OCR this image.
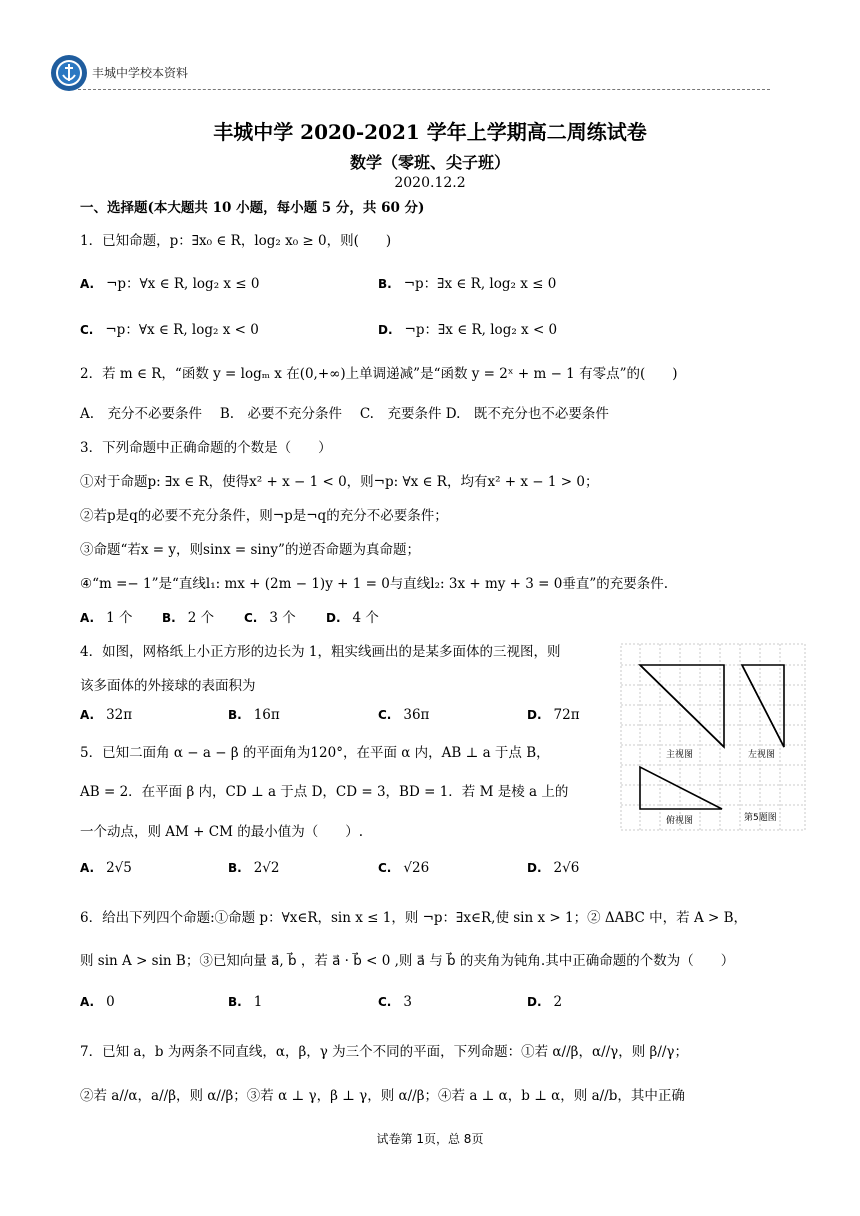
丰城中学校本资料
丰城中学 2020-2021 学年上学期高二周练试卷
数学（零班、尖子班）
2020.12.2
一、选择题(本大题共 10 小题，每小题 5 分，共 60 分)
1．已知命题，p：∃x₀ ∈ R，log₂ x₀ ≥ 0，则(　　)
A. ¬p：∀x ∈ R, log₂ x ≤ 0	B. ¬p：∃x ∈ R, log₂ x ≤ 0
C. ¬p：∀x ∈ R, log₂ x < 0	D. ¬p：∃x ∈ R, log₂ x < 0
2．若 m ∈ R，“函数 y = logₘ x 在(0,+∞)上单调递减”是“函数 y = 2ˣ + m − 1 有零点”的(　　)
A.　充分不必要条件　 B.　必要不充分条件　 C.　充要条件 D.　既不充分也不必要条件
3．下列命题中正确命题的个数是（　　）
①对于命题p: ∃x ∈ R，使得x² + x − 1 < 0，则¬p: ∀x ∈ R，均有x² + x − 1 > 0；
②若p是q的必要不充分条件，则¬p是¬q的充分不必要条件；
③命题“若x = y，则sinx = siny”的逆否命题为真命题；
④“m =− 1”是“直线l₁: mx + (2m − 1)y + 1 = 0与直线l₂: 3x + my + 3 = 0垂直”的充要条件.
A. 1 个 B. 2 个 C. 3 个	D. 4 个
4．如图，网格纸上小正方形的边长为 1，粗实线画出的是某多面体的三视图，则
该多面体的外接球的表面积为
A. 32π	B. 16π	C. 36π	D. 72π
主视图	左视图
俯视图	第5题图
5．已知二面角 α − a − β 的平面角为120°，在平面 α 内，AB ⊥ a 于点 B，
AB = 2．在平面 β 内，CD ⊥ a 于点 D，CD = 3，BD = 1．若 M 是棱 a 上的
一个动点，则 AM + CM 的最小值为（　　）.
A. 2√5	B. 2√2	C. √26	D. 2√6
6．给出下列四个命题:①命题 p：∀x∈R，sin x ≤ 1，则 ¬p：∃x∈R,使 sin x > 1；② ΔABC 中，若 A > B，
则 sin A > sin B；③已知向量 a⃗, b⃗ ，若 a⃗ · b⃗ < 0 ,则 a⃗ 与 b⃗ 的夹角为钝角.其中正确命题的个数为（　　）
A. 0	B. 1	C. 3	D. 2
7．已知 a，b 为两条不同直线，α，β，γ 为三个不同的平面，下列命题：①若 α//β，α//γ，则 β//γ；
②若 a//α，a//β，则 α//β；③若 α ⊥ γ，β ⊥ γ，则 α//β；④若 a ⊥ α，b ⊥ α，则 a//b，其中正确
试卷第 1页，总 8页
